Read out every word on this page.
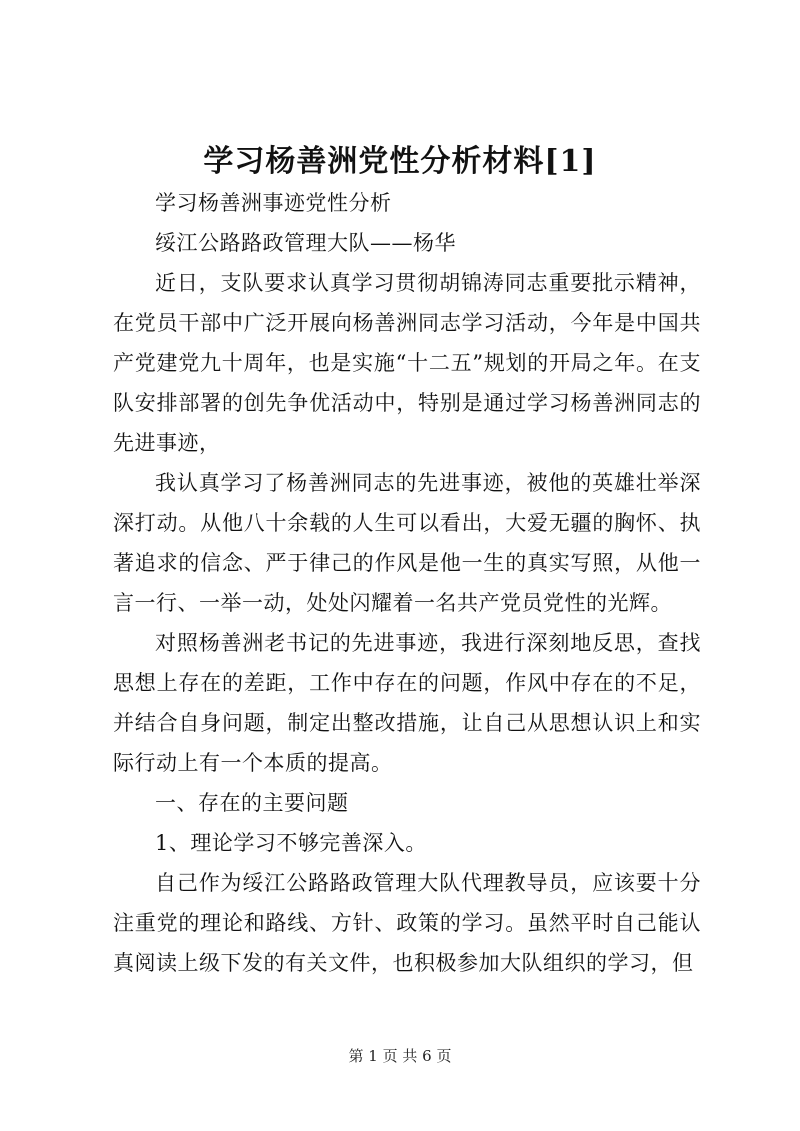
学习杨善洲党性分析材料[1]

学习杨善洲事迹党性分析

绥江公路路政管理大队——杨华

近日，支队要求认真学习贯彻胡锦涛同志重要批示精神，在党员干部中广泛开展向杨善洲同志学习活动，今年是中国共产党建党九十周年，也是实施“十二五”规划的开局之年。在支队安排部署的创先争优活动中，特别是通过学习杨善洲同志的先进事迹，

我认真学习了杨善洲同志的先进事迹，被他的英雄壮举深深打动。从他八十余载的人生可以看出，大爱无疆的胸怀、执著追求的信念、严于律己的作风是他一生的真实写照，从他一言一行、一举一动，处处闪耀着一名共产党员党性的光辉。

对照杨善洲老书记的先进事迹，我进行深刻地反思，查找思想上存在的差距，工作中存在的问题，作风中存在的不足，并结合自身问题，制定出整改措施，让自己从思想认识上和实际行动上有一个本质的提高。

一、存在的主要问题

1、理论学习不够完善深入。

自己作为绥江公路路政管理大队代理教导员，应该要十分注重党的理论和路线、方针、政策的学习。虽然平时自己能认真阅读上级下发的有关文件，也积极参加大队组织的学习，但

第 1 页 共 6 页
